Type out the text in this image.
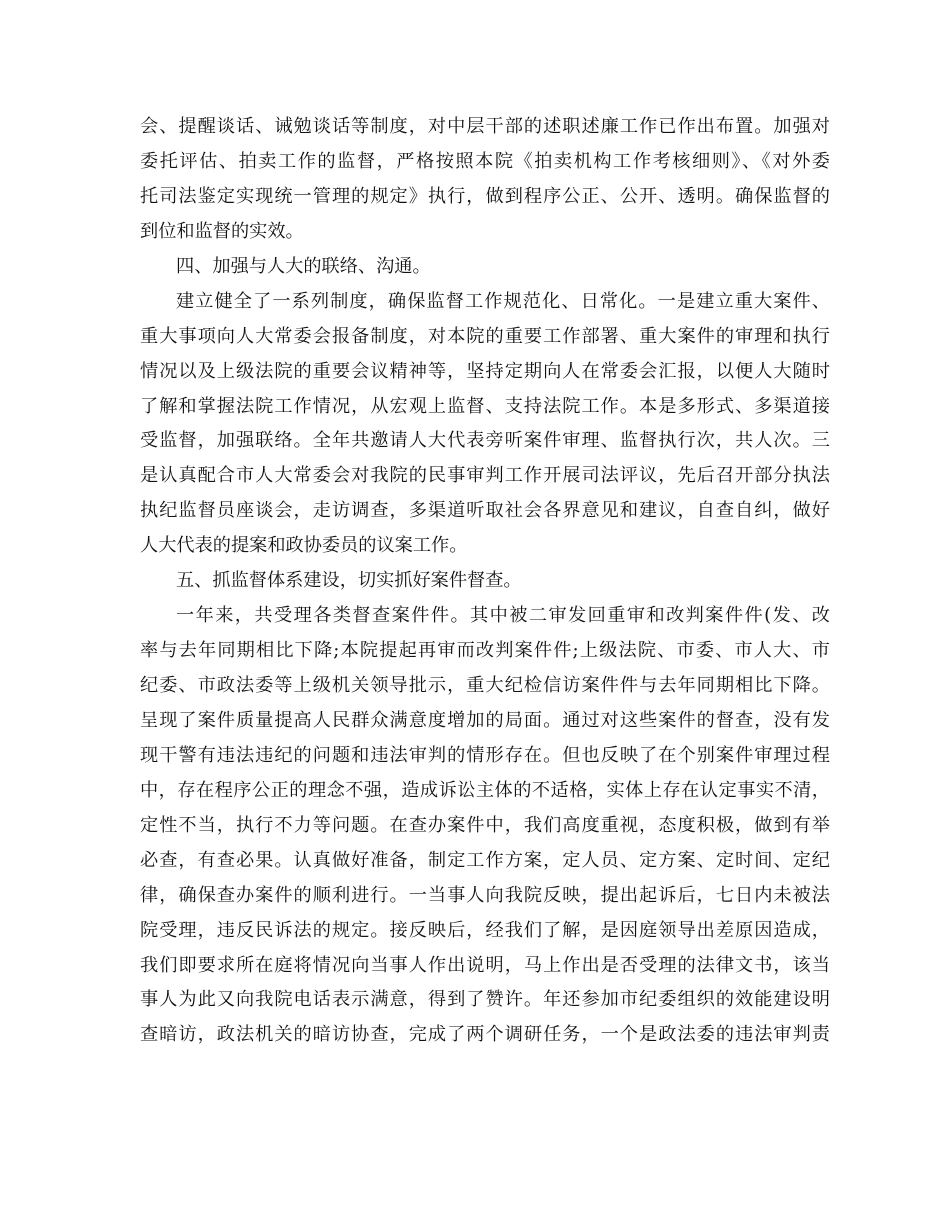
会、提醒谈话、诫勉谈话等制度，对中层干部的述职述廉工作已作出布置。加强对
委托评估、拍卖工作的监督，严格按照本院《拍卖机构工作考核细则》、《对外委
托司法鉴定实现统一管理的规定》执行，做到程序公正、公开、透明。确保监督的
到位和监督的实效。
四、加强与人大的联络、沟通。
建立健全了一系列制度，确保监督工作规范化、日常化。一是建立重大案件、
重大事项向人大常委会报备制度，对本院的重要工作部署、重大案件的审理和执行
情况以及上级法院的重要会议精神等，坚持定期向人在常委会汇报，以便人大随时
了解和掌握法院工作情况，从宏观上监督、支持法院工作。本是多形式、多渠道接
受监督，加强联络。全年共邀请人大代表旁听案件审理、监督执行次，共人次。三
是认真配合市人大常委会对我院的民事审判工作开展司法评议，先后召开部分执法
执纪监督员座谈会，走访调查，多渠道听取社会各界意见和建议，自查自纠，做好
人大代表的提案和政协委员的议案工作。
五、抓监督体系建设，切实抓好案件督查。
一年来，共受理各类督查案件件。其中被二审发回重审和改判案件件(发、改
率与去年同期相比下降;本院提起再审而改判案件件;上级法院、市委、市人大、市
纪委、市政法委等上级机关领导批示，重大纪检信访案件件与去年同期相比下降。
呈现了案件质量提高人民群众满意度增加的局面。通过对这些案件的督查，没有发
现干警有违法违纪的问题和违法审判的情形存在。但也反映了在个别案件审理过程
中，存在程序公正的理念不强，造成诉讼主体的不适格，实体上存在认定事实不清，
定性不当，执行不力等问题。在查办案件中，我们高度重视，态度积极，做到有举
必查，有查必果。认真做好准备，制定工作方案，定人员、定方案、定时间、定纪
律，确保查办案件的顺利进行。一当事人向我院反映，提出起诉后，七日内未被法
院受理，违反民诉法的规定。接反映后，经我们了解，是因庭领导出差原因造成，
我们即要求所在庭将情况向当事人作出说明，马上作出是否受理的法律文书，该当
事人为此又向我院电话表示满意，得到了赞许。年还参加市纪委组织的效能建设明
查暗访，政法机关的暗访协查，完成了两个调研任务，一个是政法委的违法审判责
